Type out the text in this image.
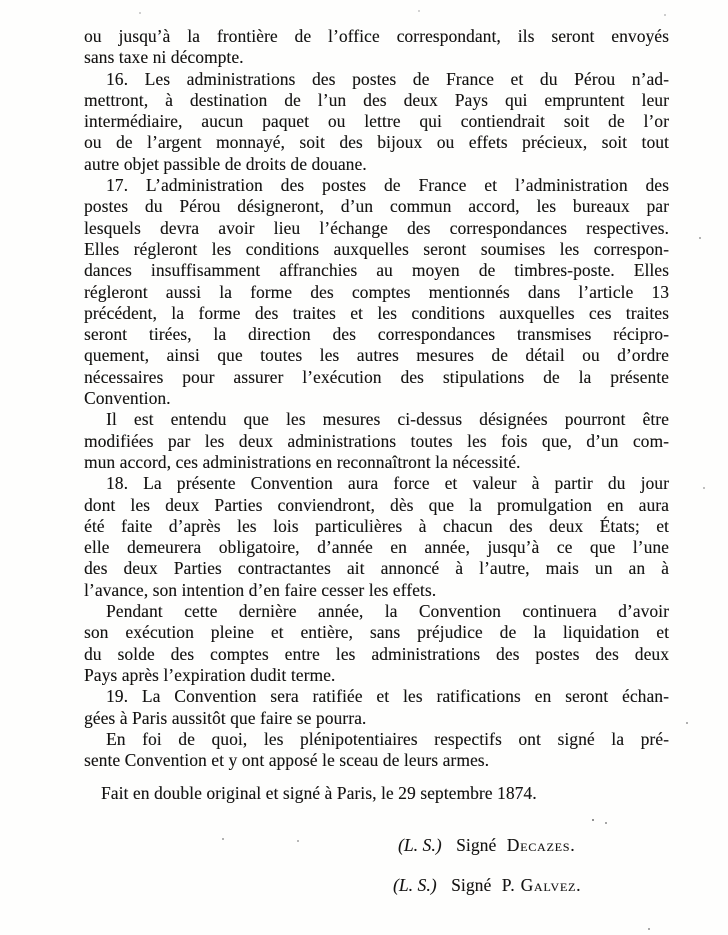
ou jusqu’à la frontière de l’office correspondant, ils seront envoyés
sans taxe ni décompte.
16. Les administrations des postes de France et du Pérou n’ad-
mettront, à destination de l’un des deux Pays qui empruntent leur
intermédiaire, aucun paquet ou lettre qui contiendrait soit de l’or
ou de l’argent monnayé, soit des bijoux ou effets précieux, soit tout
autre objet passible de droits de douane.
17. L’administration des postes de France et l’administration des
postes du Pérou désigneront, d’un commun accord, les bureaux par
lesquels devra avoir lieu l’échange des correspondances respectives.
Elles régleront les conditions auxquelles seront soumises les correspon-
dances insuffisamment affranchies au moyen de timbres-poste. Elles
régleront aussi la forme des comptes mentionnés dans l’article 13
précédent, la forme des traites et les conditions auxquelles ces traites
seront tirées, la direction des correspondances transmises récipro-
quement, ainsi que toutes les autres mesures de détail ou d’ordre
nécessaires pour assurer l’exécution des stipulations de la présente
Convention.
Il est entendu que les mesures ci-dessus désignées pourront être
modifiées par les deux administrations toutes les fois que, d’un com-
mun accord, ces administrations en reconnaîtront la nécessité.
18. La présente Convention aura force et valeur à partir du jour
dont les deux Parties conviendront, dès que la promulgation en aura
été faite d’après les lois particulières à chacun des deux États; et
elle demeurera obligatoire, d’année en année, jusqu’à ce que l’une
des deux Parties contractantes ait annoncé à l’autre, mais un an à
l’avance, son intention d’en faire cesser les effets.
Pendant cette dernière année, la Convention continuera d’avoir
son exécution pleine et entière, sans préjudice de la liquidation et
du solde des comptes entre les administrations des postes des deux
Pays après l’expiration dudit terme.
19. La Convention sera ratifiée et les ratifications en seront échan-
gées à Paris aussitôt que faire se pourra.
En foi de quoi, les plénipotentiaires respectifs ont signé la pré-
sente Convention et y ont apposé le sceau de leurs armes.

Fait en double original et signé à Paris, le 29 septembre 1874.

(L. S.) Signé Decazes.

(L. S.) Signé P. Galvez.
